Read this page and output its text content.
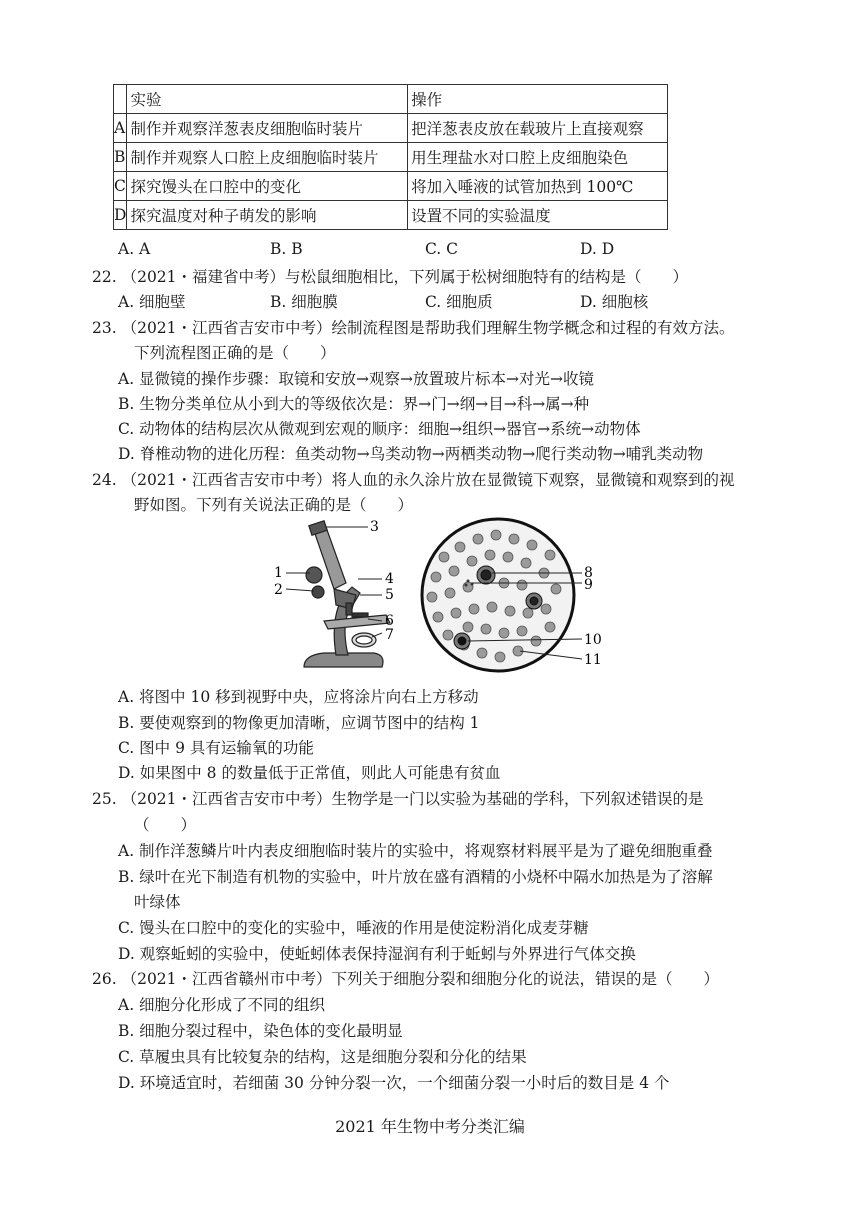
	实验	操作
A	制作并观察洋葱表皮细胞临时装片	把洋葱表皮放在载玻片上直接观察
B	制作并观察人口腔上皮细胞临时装片	用生理盐水对口腔上皮细胞染色
C	探究馒头在口腔中的变化	将加入唾液的试管加热到 100℃
D	探究温度对种子萌发的影响	设置不同的实验温度
A. A	B. B	C. C	D. D
22. （2021・福建省中考）与松鼠细胞相比，下列属于松树细胞特有的结构是（　　）
A. 细胞壁	B. 细胞膜	C. 细胞质	D. 细胞核
23. （2021・江西省吉安市中考）绘制流程图是帮助我们理解生物学概念和过程的有效方法。
下列流程图正确的是（　　）
A. 显微镜的操作步骤：取镜和安放→观察→放置玻片标本→对光→收镜
B. 生物分类单位从小到大的等级依次是：界→门→纲→目→科→属→种
C. 动物体的结构层次从微观到宏观的顺序：细胞→组织→器官→系统→动物体
D. 脊椎动物的进化历程：鱼类动物→鸟类动物→两栖类动物→爬行类动物→哺乳类动物
24. （2021・江西省吉安市中考）将人血的永久涂片放在显微镜下观察，显微镜和观察到的视
野如图。下列有关说法正确的是（　　）
3
1
2
4
5
6
7
8
9
10
11
A. 将图中 10 移到视野中央，应将涂片向右上方移动
B. 要使观察到的物像更加清晰，应调节图中的结构 1
C. 图中 9 具有运输氧的功能
D. 如果图中 8 的数量低于正常值，则此人可能患有贫血
25. （2021・江西省吉安市中考）生物学是一门以实验为基础的学科，下列叙述错误的是
（　　）
A. 制作洋葱鳞片叶内表皮细胞临时装片的实验中，将观察材料展平是为了避免细胞重叠
B. 绿叶在光下制造有机物的实验中，叶片放在盛有酒精的小烧杯中隔水加热是为了溶解
叶绿体
C. 馒头在口腔中的变化的实验中，唾液的作用是使淀粉消化成麦芽糖
D. 观察蚯蚓的实验中，使蚯蚓体表保持湿润有利于蚯蚓与外界进行气体交换
26. （2021・江西省赣州市中考）下列关于细胞分裂和细胞分化的说法，错误的是（　　）
A. 细胞分化形成了不同的组织
B. 细胞分裂过程中，染色体的变化最明显
C. 草履虫具有比较复杂的结构，这是细胞分裂和分化的结果
D. 环境适宜时，若细菌 30 分钟分裂一次，一个细菌分裂一小时后的数目是 4 个
2021 年生物中考分类汇编
